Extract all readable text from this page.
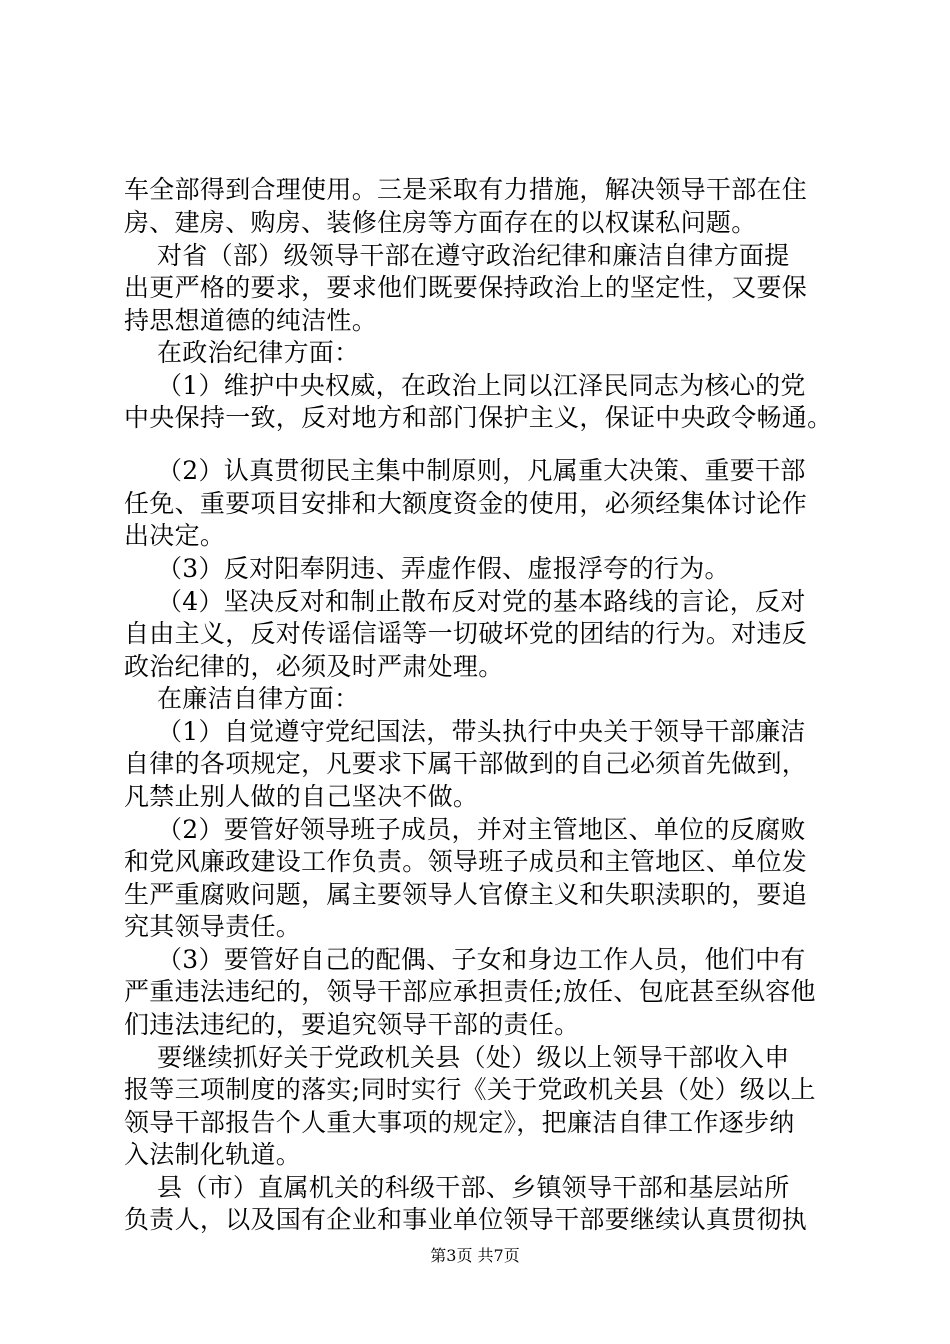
车全部得到合理使用。三是采取有力措施，解决领导干部在住
房、建房、购房、装修住房等方面存在的以权谋私问题。
对省（部）级领导干部在遵守政治纪律和廉洁自律方面提
出更严格的要求，要求他们既要保持政治上的坚定性，又要保
持思想道德的纯洁性。
在政治纪律方面：
（1）维护中央权威，在政治上同以江泽民同志为核心的党
中央保持一致，反对地方和部门保护主义，保证中央政令畅通。
（2）认真贯彻民主集中制原则，凡属重大决策、重要干部
任免、重要项目安排和大额度资金的使用，必须经集体讨论作
出决定。
（3）反对阳奉阴违、弄虚作假、虚报浮夸的行为。
（4）坚决反对和制止散布反对党的基本路线的言论，反对
自由主义，反对传谣信谣等一切破坏党的团结的行为。对违反
政治纪律的，必须及时严肃处理。
在廉洁自律方面：
（1）自觉遵守党纪国法，带头执行中央关于领导干部廉洁
自律的各项规定，凡要求下属干部做到的自己必须首先做到，
凡禁止别人做的自己坚决不做。
（2）要管好领导班子成员，并对主管地区、单位的反腐败
和党风廉政建设工作负责。领导班子成员和主管地区、单位发
生严重腐败问题，属主要领导人官僚主义和失职渎职的，要追
究其领导责任。
（3）要管好自己的配偶、子女和身边工作人员，他们中有
严重违法违纪的，领导干部应承担责任;放任、包庇甚至纵容他
们违法违纪的，要追究领导干部的责任。
要继续抓好关于党政机关县（处）级以上领导干部收入申
报等三项制度的落实;同时实行《关于党政机关县（处）级以上
领导干部报告个人重大事项的规定》，把廉洁自律工作逐步纳
入法制化轨道。
县（市）直属机关的科级干部、乡镇领导干部和基层站所
负责人，以及国有企业和事业单位领导干部要继续认真贯彻执
第3页 共7页
